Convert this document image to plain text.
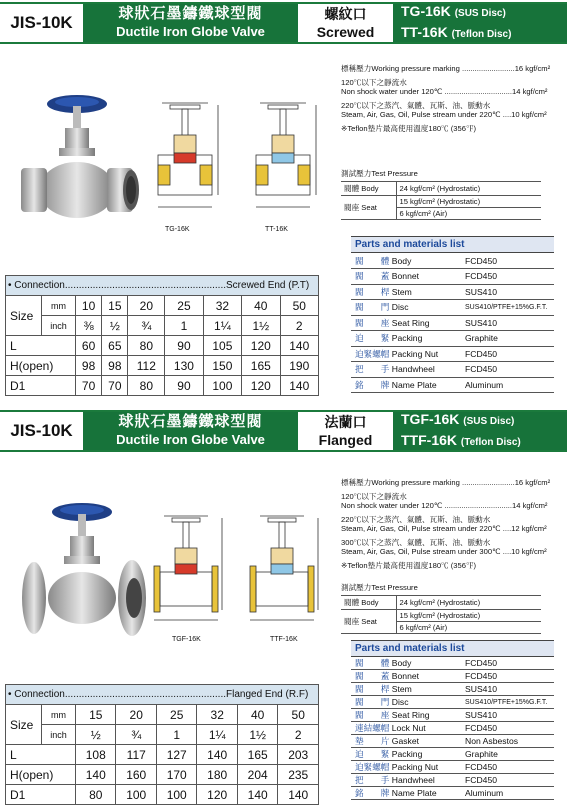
JIS-10K	球狀石墨鑄鐵球型閥
Ductile Iron Globe Valve
螺紋口
Screwed
TG-16K (SUS Disc)
TT-16K (Teflon Disc)
TG-16K	TT-16K
標稱壓力Working pressure marking .........................16 kgf/cm²
120℃以下之靜流水
Non shock water under 120℃ ................................14 kgf/cm²
220℃以下之蒸汽、氣體、瓦斯、油、脈動水
Steam, Air, Gas, Oil, Pulse stream under 220℃ ....10 kgf/cm²
※Teflon墊片最高使用溫度180℃ (356℉)
測試壓力Test Pressure
閥體 Body	24 kgf/cm² (Hydrostatic)
閥座 Seat	15 kgf/cm² (Hydrostatic)
	6 kgf/cm² (Air)
Parts and materials list
閥　　體 Body	FCD450
閥　　蓋 Bonnet	FCD450
閥　　桿 Stem	SUS410
閥　　門 Disc	SUS410/PTFE+15%G.F.T.
閥　　座 Seat Ring	SUS410
迫　　緊 Packing	Graphite
迫緊螺帽 Packing Nut	FCD450
把　　手 Handwheel	FCD450
銘　　牌 Name Plate	Aluminum
• Connection..........................................................Screwed End (P.T)								
Size	mm	10	15	20	25	32	40	50
	inch	⅜	½	¾	1	1¼	1½	2
L		60	65	80	90	105	120	140
H(open)		98	98	112	130	150	165	190
D1		70	70	80	90	100	120	140
JIS-10K	球狀石墨鑄鐵球型閥
Ductile Iron Globe Valve
法蘭口
Flanged
TGF-16K (SUS Disc)
TTF-16K (Teflon Disc)
TGF-16K	TTF-16K
標稱壓力Working pressure marking .........................16 kgf/cm²
120℃以下之靜流水
Non shock water under 120℃ ................................14 kgf/cm²
220℃以下之蒸汽、氣體、瓦斯、油、脈動水
Steam, Air, Gas, Oil, Pulse stream under 220℃ ....12 kgf/cm²
300℃以下之蒸汽、氣體、瓦斯、油、脈動水
Steam, Air, Gas, Oil, Pulse stream under 300℃ ....10 kgf/cm²
※Teflon墊片最高使用溫度180℃ (356℉)
測試壓力Test Pressure
閥體 Body	24 kgf/cm² (Hydrostatic)
閥座 Seat	15 kgf/cm² (Hydrostatic)
	6 kgf/cm² (Air)
Parts and materials list
閥　　體 Body	FCD450
閥　　蓋 Bonnet	FCD450
閥　　桿 Stem	SUS410
閥　　門 Disc	SUS410/PTFE+15%G.F.T.
閥　　座 Seat Ring	SUS410
連結螺帽 Lock Nut	FCD450
墊　　片 Gasket	Non Asbestos
迫　　緊 Packing	Graphite
迫緊螺帽 Packing Nut	FCD450
把　　手 Handwheel	FCD450
銘　　牌 Name Plate	Aluminum
• Connection..........................................................Flanged End (R.F)							
Size	mm	15	20	25	32	40	50
	inch	½	¾	1	1¼	1½	2
L		108	117	127	140	165	203
H(open)		140	160	170	180	204	235
D1		80	100	100	120	140	140
